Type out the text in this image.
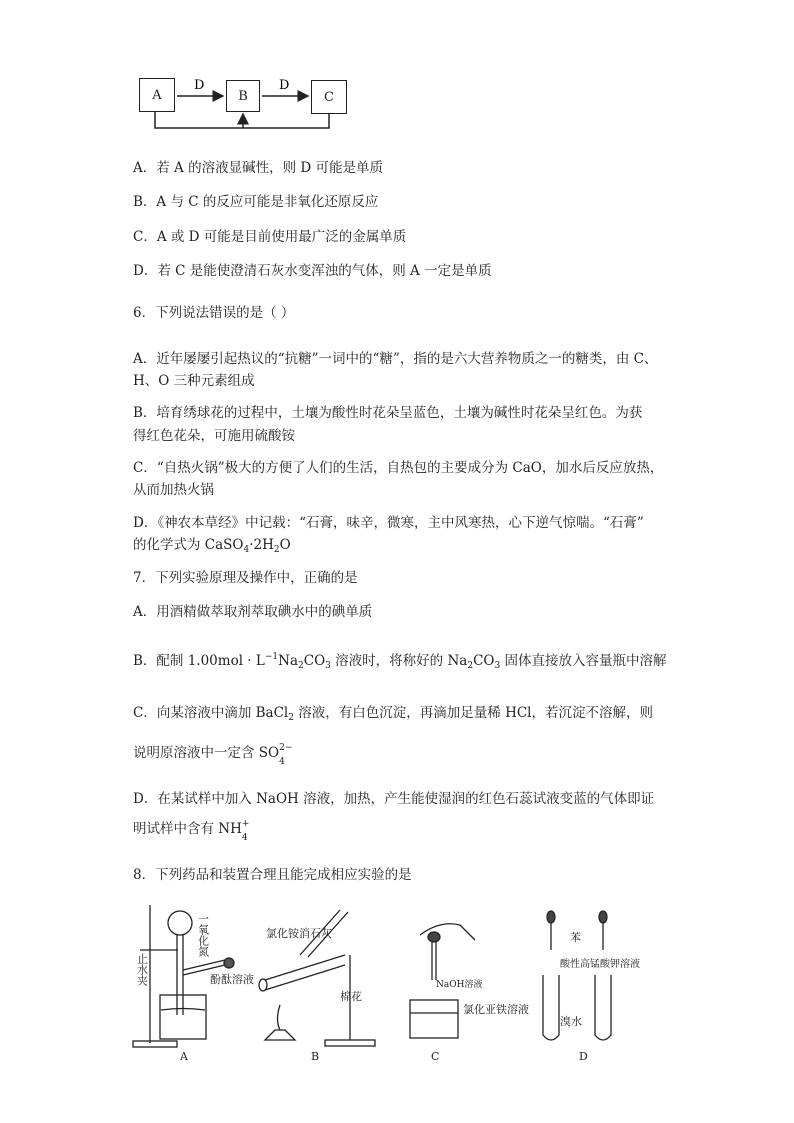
A	B	C
D	D
A．若 A 的溶液显碱性，则 D 可能是单质
B．A 与 C 的反应可能是非氧化还原反应
C．A 或 D 可能是目前使用最广泛的金属单质
D．若 C 是能使澄清石灰水变浑浊的气体，则 A 一定是单质
6．下列说法错误的是（ ）
A．近年屡屡引起热议的“抗糖”一词中的“糖”，指的是六大营养物质之一的糖类，由 C、
H、O 三种元素组成
B．培育绣球花的过程中，土壤为酸性时花朵呈蓝色，土壤为碱性时花朵呈红色。为获
得红色花朵，可施用硫酸铵
C．“自热火锅”极大的方便了人们的生活，自热包的主要成分为 CaO，加水后反应放热，
从而加热火锅
D．《神农本草经》中记载：“石膏，味辛，微寒，主中风寒热，心下逆气惊喘。“石膏”
的化学式为 $CaSO_4\cdot 2H_2O$
7．下列实验原理及操作中，正确的是
A．用酒精做萃取剂萃取碘水中的碘单质
B．配制 $1.00mol \cdot L^{-1}Na_2CO_3$ 溶液时，将称好的 $Na_2CO_3$ 固体直接放入容量瓶中溶解
C．向某溶液中滴加 BaCl$_2$ 溶液，有白色沉淀，再滴加足量稀 HCl，若沉淀不溶解，则
说明原溶液中一定含 SO 2−
4
D．在某试样中加入 NaOH 溶液，加热，产生能使湿润的红色石蕊试液变蓝的气体即证
明试样中含有 NH +
4
8．下列药品和装置合理且能完成相应实验的是
一氧化氮
止水夹	酚酞溶液
A
氯化铵消石灰
棉花
B
NaOH溶液
氯化亚铁溶液
C
苯
酸性高锰酸钾溶液
溴水
D
